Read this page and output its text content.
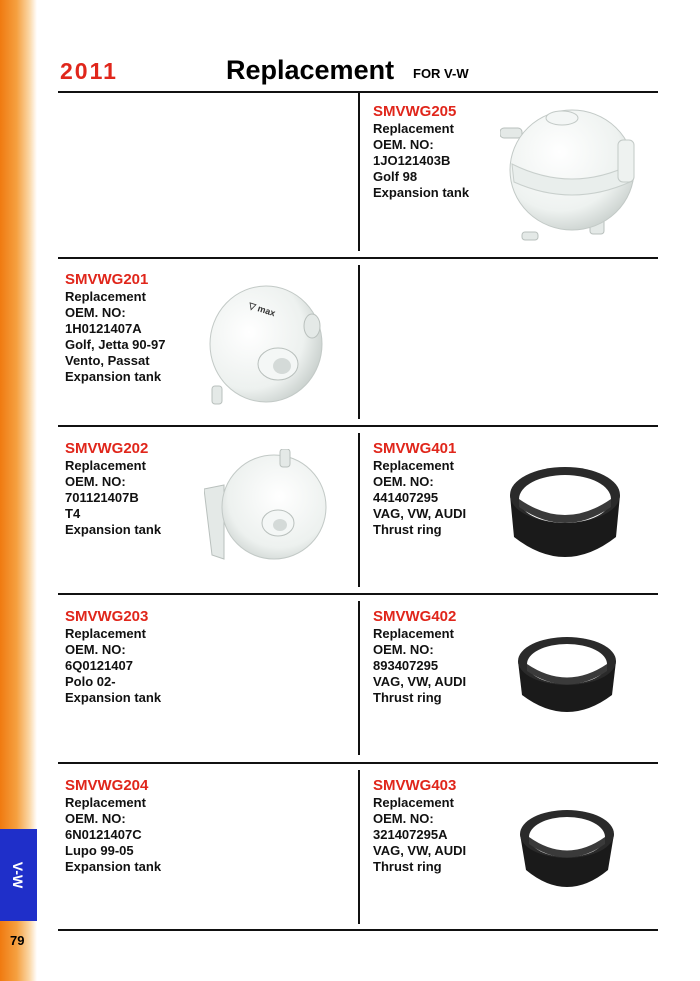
V-W
79
2011	Replacement FOR V-W
SMVWG205
Replacement
OEM. NO:
1JO121403B
Golf 98
Expansion tank
SMVWG201
Replacement
OEM. NO:
1H0121407A
Golf, Jetta 90-97
Vento, Passat
Expansion tank
▽ max
SMVWG202
Replacement
OEM. NO:
701121407B
T4
Expansion tank
SMVWG401
Replacement
OEM. NO:
441407295
VAG, VW, AUDI
Thrust ring
SMVWG203
Replacement
OEM. NO:
6Q0121407
Polo 02-
Expansion tank
SMVWG402
Replacement
OEM. NO:
893407295
VAG, VW, AUDI
Thrust ring
SMVWG204
Replacement
OEM. NO:
6N0121407C
Lupo 99-05
Expansion tank
SMVWG403
Replacement
OEM. NO:
321407295A
VAG, VW, AUDI
Thrust ring
